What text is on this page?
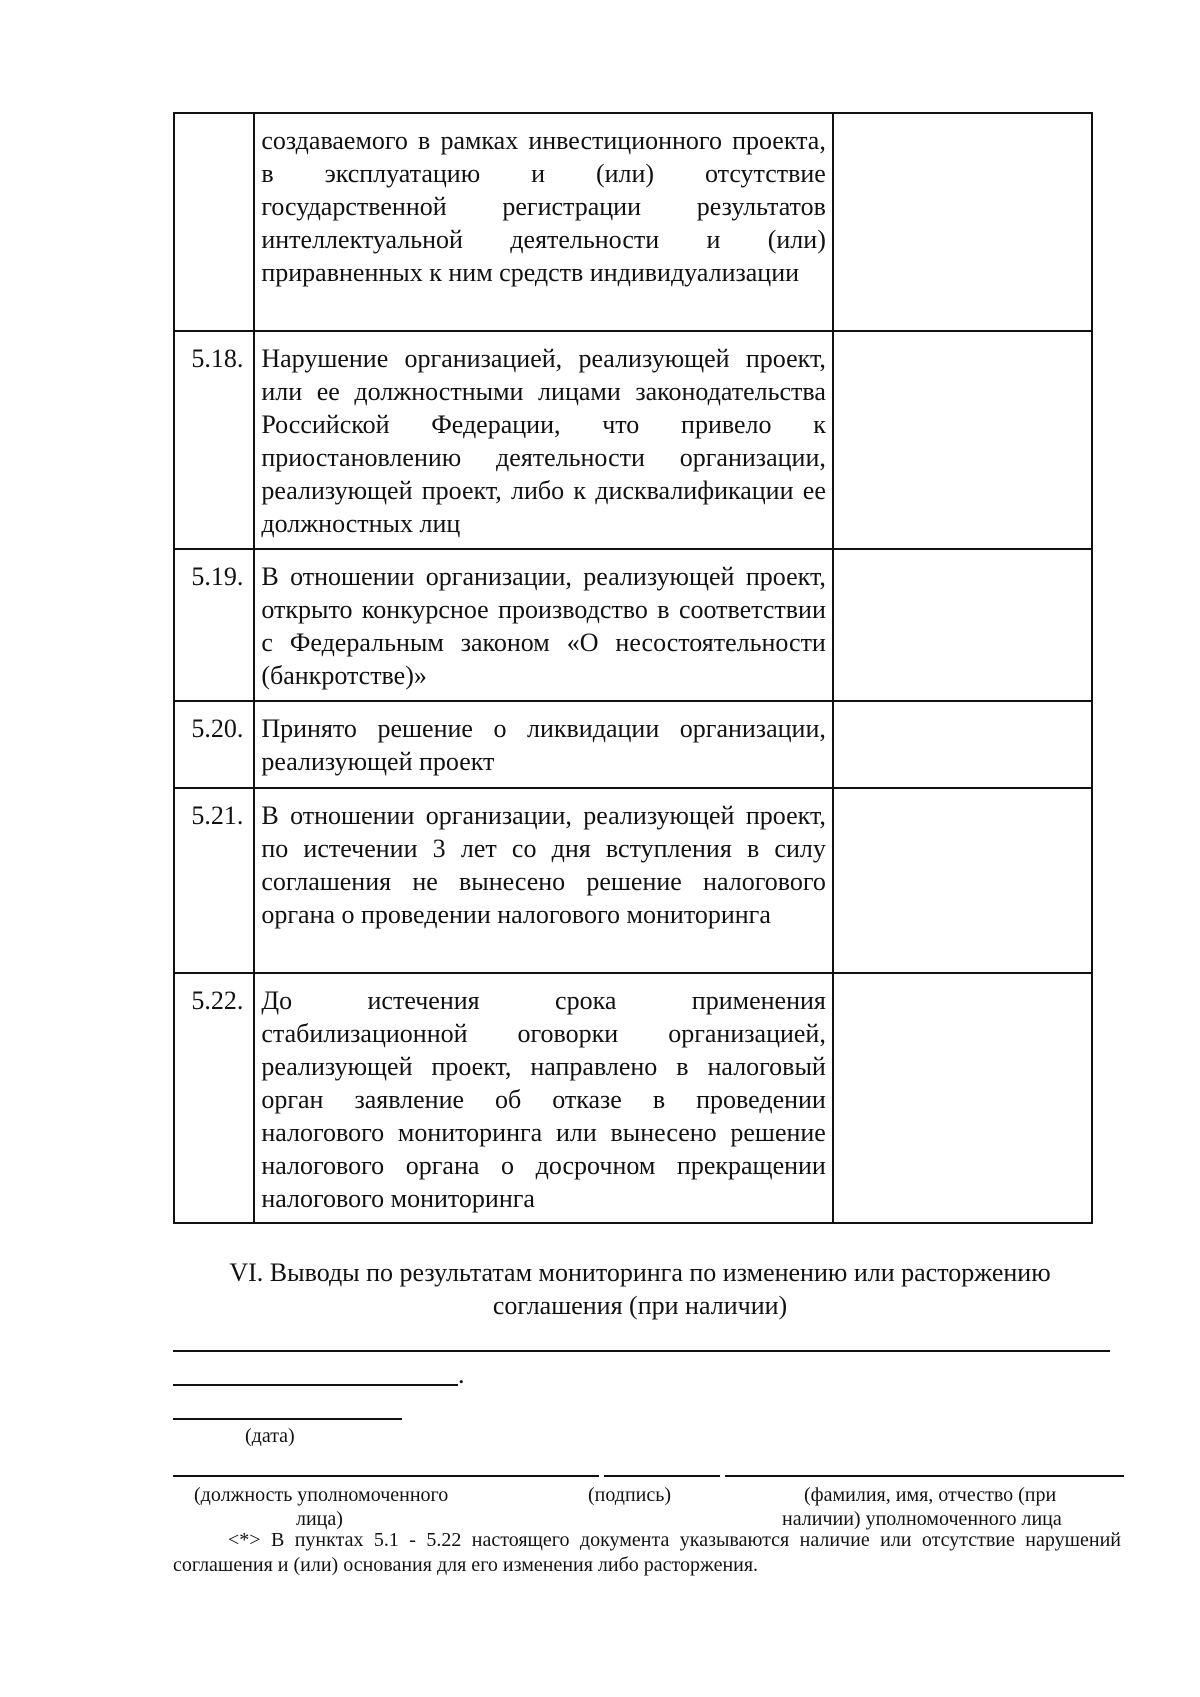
	создаваемого в рамках инвестиционного проекта, в эксплуатацию и (или) отсутствие государственной регистрации результатов интеллектуальной деятельности и (или) приравненных к ним средств индивидуализации	
5.18.	Нарушение организацией, реализующей проект, или ее должностными лицами законодательства Российской Федерации, что привело к приостановлению деятельности организации, реализующей проект, либо к дисквалификации ее должностных лиц	
5.19.	В отношении организации, реализующей проект, открыто конкурсное производство в соответствии с Федеральным законом «О несостоятельности (банкротстве)»	
5.20.	Принято решение о ликвидации организации, реализующей проект	
5.21.	В отношении организации, реализующей проект, по истечении 3 лет со дня вступления в силу соглашения не вынесено решение налогового органа о проведении налогового мониторинга	
5.22.	До истечения срока применения стабилизационной оговорки организацией, реализующей проект, направлено в налоговый орган заявление об отказе в проведении налогового мониторинга или вынесено решение налогового органа о досрочном прекращении налогового мониторинга	
VI. Выводы по результатам мониторинга по изменению или расторжению
соглашения (при наличии)
.
(дата)
(должность уполномоченного
лица)
(подпись)	(фамилия, имя, отчество (при
наличии) уполномоченного лица
<*> В пунктах 5.1 - 5.22 настоящего документа указываются наличие или отсутствие нарушений соглашения и (или) основания для его изменения либо расторжения.
